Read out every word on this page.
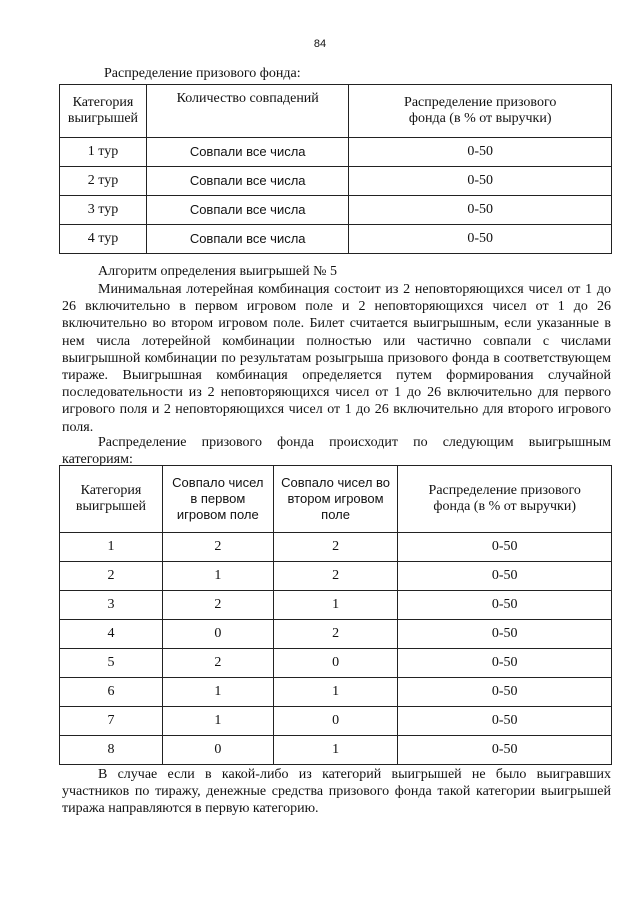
84
Распределение призового фонда:
Категория выигрышей	Количество совпадений	Распределение призового фонда (в % от выручки)
1 тур	Совпали все числа	0-50
2 тур	Совпали все числа	0-50
3 тур	Совпали все числа	0-50
4 тур	Совпали все числа	0-50
Алгоритм определения выигрышей № 5
Минимальная лотерейная комбинация состоит из 2 неповторяющихся чисел от 1 до 26 включительно в первом игровом поле и 2 неповторяющихся чисел от 1 до 26 включительно во втором игровом поле. Билет считается выигрышным, если указанные в нем числа лотерейной комбинации полностью или частично совпали с числами выигрышной комбинации по результатам розыгрыша призового фонда в соответствующем тираже. Выигрышная комбинация определяется путем формирования случайной последовательности из 2 неповторяющихся чисел от 1 до 26 включительно для первого игрового поля и 2 неповторяющихся чисел от 1 до 26 включительно для второго игрового поля.
Распределение призового фонда происходит по следующим выигрышным категориям:
Категория выигрышей	Совпало чисел в первом игровом поле	Совпало чисел во втором игровом поле	Распределение призового фонда (в % от выручки)
1	2	2	0-50
2	1	2	0-50
3	2	1	0-50
4	0	2	0-50
5	2	0	0-50
6	1	1	0-50
7	1	0	0-50
8	0	1	0-50
В случае если в какой-либо из категорий выигрышей не было выигравших участников по тиражу, денежные средства призового фонда такой категории выигрышей тиража направляются в первую категорию.
